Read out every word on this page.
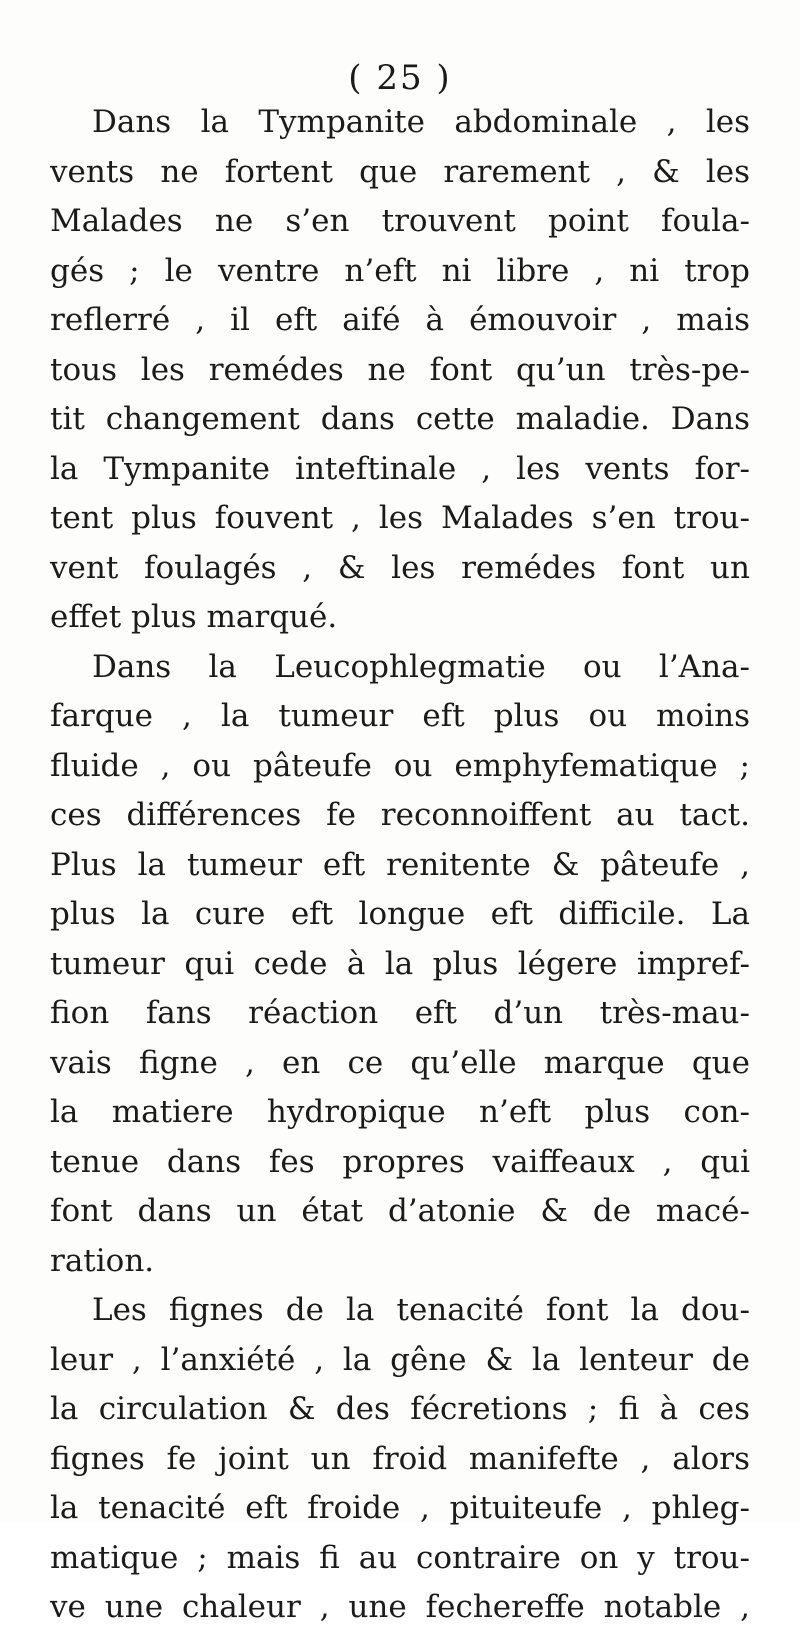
( 25 )
Dans la Tympanite abdominale , les
vents ne fortent que rarement , & les
Malades ne s’en trouvent point foula-
gés ; le ventre n’eft ni libre , ni trop
reflerré , il eft aifé à émouvoir , mais
tous les remédes ne font qu’un très-pe-
tit changement dans cette maladie. Dans
la Tympanite inteftinale , les vents for-
tent plus fouvent , les Malades s’en trou-
vent foulagés , & les remédes font un
effet plus marqué.
Dans la Leucophlegmatie ou l’Ana-
farque , la tumeur eft plus ou moins
fluide , ou pâteufe ou emphyfematique ;
ces différences fe reconnoiffent au tact.
Plus la tumeur eft renitente & pâteufe ,
plus la cure eft longue eft difficile. La
tumeur qui cede à la plus légere impref-
fion fans réaction eft d’un très-mau-
vais figne , en ce qu’elle marque que
la matiere hydropique n’eft plus con-
tenue dans fes propres vaiffeaux , qui
font dans un état d’atonie & de macé-
ration.
Les fignes de la tenacité font la dou-
leur , l’anxiété , la gêne & la lenteur de
la circulation & des fécretions ; fi à ces
fignes fe joint un froid manifefte , alors
la tenacité eft froide , pituiteufe , phleg-
matique ; mais fi au contraire on y trou-
ve une chaleur , une fechereffe notable ,
